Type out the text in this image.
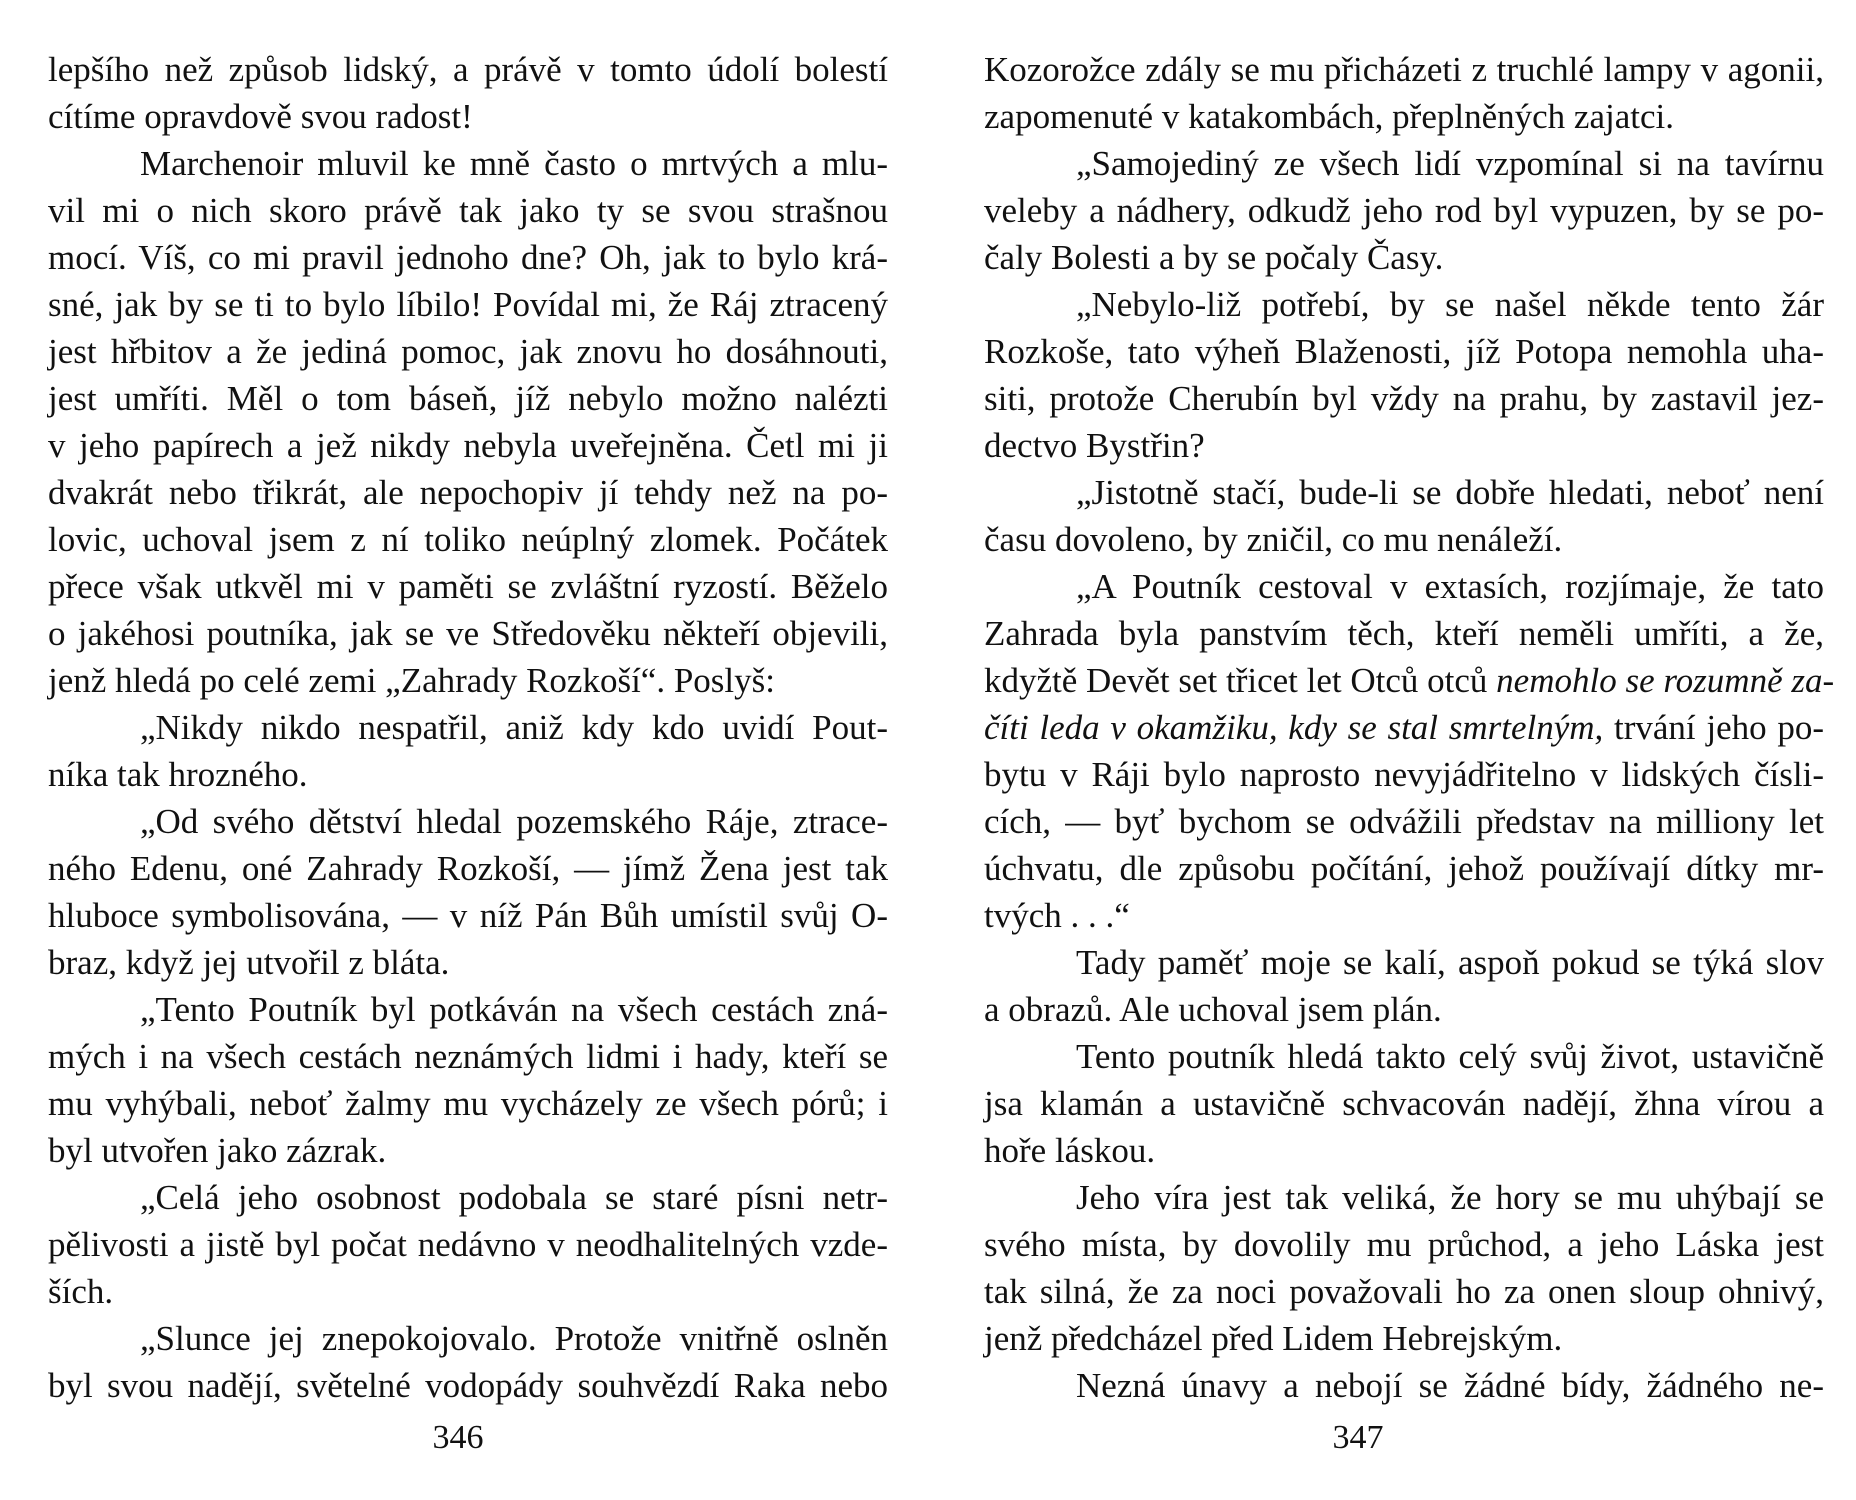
lepšího než způsob lidský, a právě v tomto údolí bolestí
cítíme opravdově svou radost!
Marchenoir mluvil ke mně často o mrtvých a mlu-
vil mi o nich skoro právě tak jako ty se svou strašnou
mocí. Víš, co mi pravil jednoho dne? Oh, jak to bylo krá-
sné, jak by se ti to bylo líbilo! Povídal mi, že Ráj ztracený
jest hřbitov a že jediná pomoc, jak znovu ho dosáhnouti,
jest umříti. Měl o tom báseň, jíž nebylo možno nalézti
v jeho papírech a jež nikdy nebyla uveřejněna. Četl mi ji
dvakrát nebo třikrát, ale nepochopiv jí tehdy než na po-
lovic, uchoval jsem z ní toliko neúplný zlomek. Počátek
přece však utkvěl mi v paměti se zvláštní ryzostí. Běželo
o jakéhosi poutníka, jak se ve Středověku někteří objevili,
jenž hledá po celé zemi „Zahrady Rozkoší“. Poslyš:
„Nikdy nikdo nespatřil, aniž kdy kdo uvidí Pout-
níka tak hrozného.
„Od svého dětství hledal pozemského Ráje, ztrace-
ného Edenu, oné Zahrady Rozkoší, — jímž Žena jest tak
hluboce symbolisována, — v níž Pán Bůh umístil svůj O-
braz, když jej utvořil z bláta.
„Tento Poutník byl potkáván na všech cestách zná-
mých i na všech cestách neznámých lidmi i hady, kteří se
mu vyhýbali, neboť žalmy mu vycházely ze všech pórů; i
byl utvořen jako zázrak.
„Celá jeho osobnost podobala se staré písni netr-
pělivosti a jistě byl počat nedávno v neodhalitelných vzde-
ších.
„Slunce jej znepokojovalo. Protože vnitřně oslněn
byl svou nadějí, světelné vodopády souhvězdí Raka nebo
346
Kozorožce zdály se mu přicházeti z truchlé lampy v agonii,
zapomenuté v katakombách, přeplněných zajatci.
„Samojediný ze všech lidí vzpomínal si na tavírnu
veleby a nádhery, odkudž jeho rod byl vypuzen, by se po-
čaly Bolesti a by se počaly Časy.
„Nebylo-liž potřebí, by se našel někde tento žár
Rozkoše, tato výheň Blaženosti, jíž Potopa nemohla uha-
siti, protože Cherubín byl vždy na prahu, by zastavil jez-
dectvo Bystřin?
„Jistotně stačí, bude-li se dobře hledati, neboť není
času dovoleno, by zničil, co mu nenáleží.
„A Poutník cestoval v extasích, rozjímaje, že tato
Zahrada byla panstvím těch, kteří neměli umříti, a že,
kdyžtě Devět set třicet let Otců otců nemohlo se rozumně za-
číti leda v okamžiku, kdy se stal smrtelným, trvání jeho po-
bytu v Ráji bylo naprosto nevyjádřitelno v lidských čísli-
cích, — byť bychom se odvážili představ na milliony let
úchvatu, dle způsobu počítání, jehož používají dítky mr-
tvých . . .“
Tady paměť moje se kalí, aspoň pokud se týká slov
a obrazů. Ale uchoval jsem plán.
Tento poutník hledá takto celý svůj život, ustavičně
jsa klamán a ustavičně schvacován nadějí, žhna vírou a
hoře láskou.
Jeho víra jest tak veliká, že hory se mu uhýbají se
svého místa, by dovolily mu průchod, a jeho Láska jest
tak silná, že za noci považovali ho za onen sloup ohnivý,
jenž předcházel před Lidem Hebrejským.
Nezná únavy a nebojí se žádné bídy, žádného ne-
347
